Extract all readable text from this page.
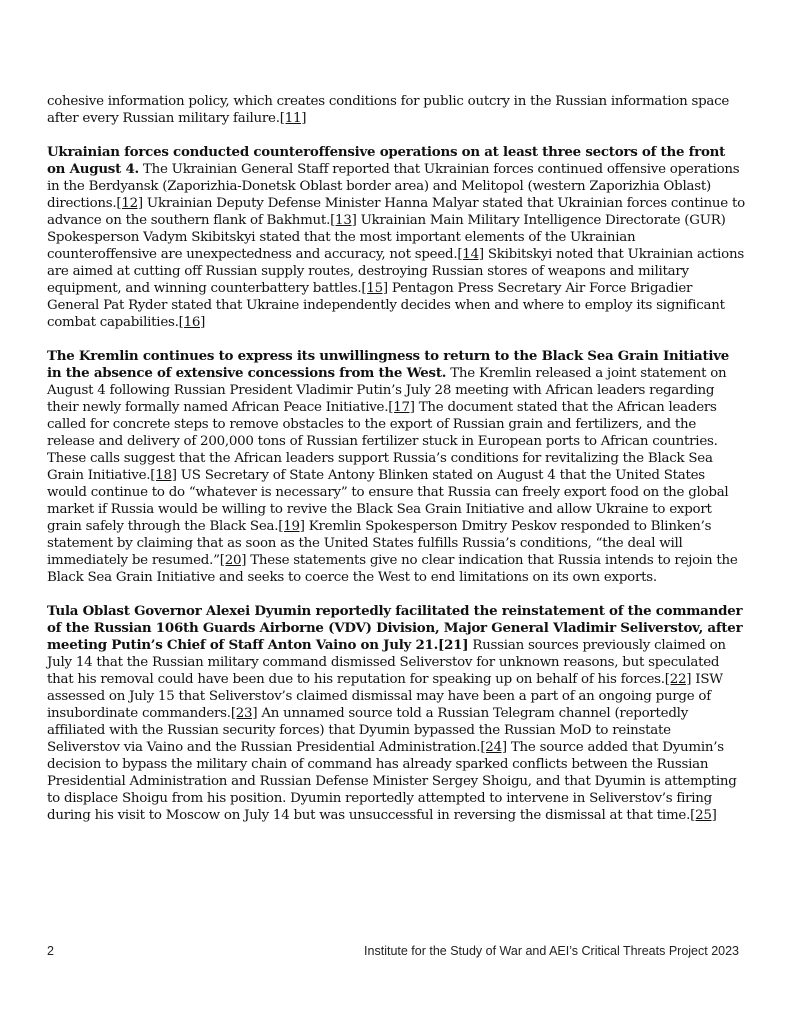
cohesive information policy, which creates conditions for public outcry in the Russian information space after every Russian military failure.[11]

Ukrainian forces conducted counteroffensive operations on at least three sectors of the front on August 4. The Ukrainian General Staff reported that Ukrainian forces continued offensive operations in the Berdyansk (Zaporizhia-Donetsk Oblast border area) and Melitopol (western Zaporizhia Oblast) directions.[12] Ukrainian Deputy Defense Minister Hanna Malyar stated that Ukrainian forces continue to advance on the southern flank of Bakhmut.[13] Ukrainian Main Military Intelligence Directorate (GUR) Spokesperson Vadym Skibitskyi stated that the most important elements of the Ukrainian counteroffensive are unexpectedness and accuracy, not speed.[14] Skibitskyi noted that Ukrainian actions are aimed at cutting off Russian supply routes, destroying Russian stores of weapons and military equipment, and winning counterbattery battles.[15] Pentagon Press Secretary Air Force Brigadier General Pat Ryder stated that Ukraine independently decides when and where to employ its significant combat capabilities.[16]

The Kremlin continues to express its unwillingness to return to the Black Sea Grain Initiative in the absence of extensive concessions from the West. The Kremlin released a joint statement on August 4 following Russian President Vladimir Putin’s July 28 meeting with African leaders regarding their newly formally named African Peace Initiative.[17] The document stated that the African leaders called for concrete steps to remove obstacles to the export of Russian grain and fertilizers, and the release and delivery of 200,000 tons of Russian fertilizer stuck in European ports to African countries. These calls suggest that the African leaders support Russia’s conditions for revitalizing the Black Sea Grain Initiative.[18] US Secretary of State Antony Blinken stated on August 4 that the United States would continue to do “whatever is necessary” to ensure that Russia can freely export food on the global market if Russia would be willing to revive the Black Sea Grain Initiative and allow Ukraine to export grain safely through the Black Sea.[19] Kremlin Spokesperson Dmitry Peskov responded to Blinken’s statement by claiming that as soon as the United States fulfills Russia’s conditions, “the deal will immediately be resumed.”[20] These statements give no clear indication that Russia intends to rejoin the Black Sea Grain Initiative and seeks to coerce the West to end limitations on its own exports.

Tula Oblast Governor Alexei Dyumin reportedly facilitated the reinstatement of the commander of the Russian 106th Guards Airborne (VDV) Division, Major General Vladimir Seliverstov, after meeting Putin’s Chief of Staff Anton Vaino on July 21.[21] Russian sources previously claimed on July 14 that the Russian military command dismissed Seliverstov for unknown reasons, but speculated that his removal could have been due to his reputation for speaking up on behalf of his forces.[22] ISW assessed on July 15 that Seliverstov’s claimed dismissal may have been a part of an ongoing purge of insubordinate commanders.[23] An unnamed source told a Russian Telegram channel (reportedly affiliated with the Russian security forces) that Dyumin bypassed the Russian MoD to reinstate Seliverstov via Vaino and the Russian Presidential Administration.[24] The source added that Dyumin’s decision to bypass the military chain of command has already sparked conflicts between the Russian Presidential Administration and Russian Defense Minister Sergey Shoigu, and that Dyumin is attempting to displace Shoigu from his position. Dyumin reportedly attempted to intervene in Seliverstov’s firing during his visit to Moscow on July 14 but was unsuccessful in reversing the dismissal at that time.[25]

2	Institute for the Study of War and AEI’s Critical Threats Project 2023
